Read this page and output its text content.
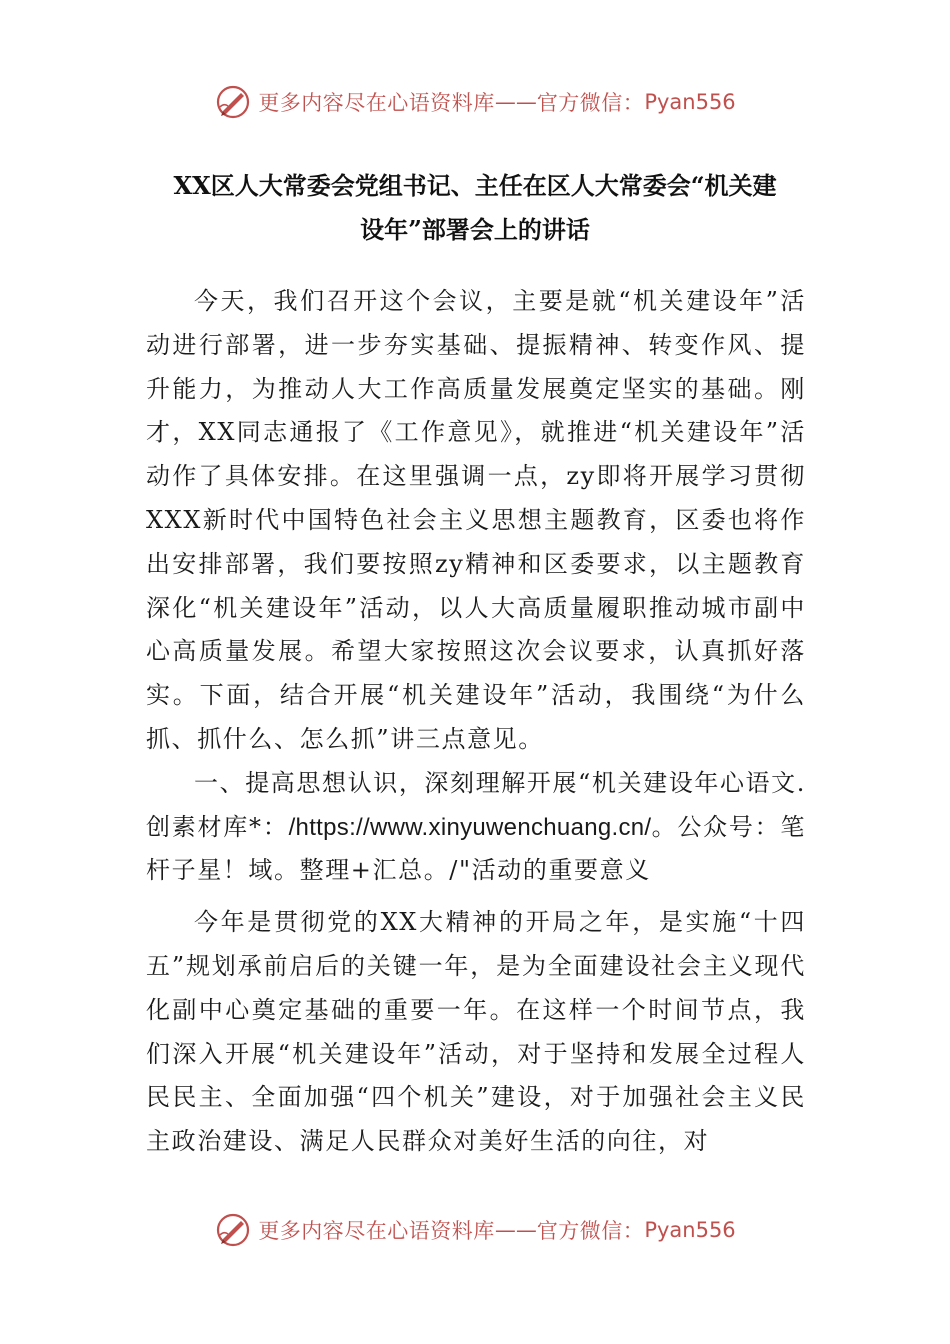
更多内容尽在心语资料库 —— 官方微信： Pyan556
XX区人大常委会党组书记、主任在区人大常委会“机关建
设年”部署会上的讲话

今天，我们召开这个会议，主要是就“机关建设年”活动进行部署，进一步夯实基础、提振精神、转变作风、提升能力，为推动人大工作高质量发展奠定坚实的基础。刚才，XX同志通报了《工作意见》，就推进“机关建设年”活动作了具体安排。在这里强调一点，zy即将开展学习贯彻XXX新时代中国特色社会主义思想主题教育，区委也将作出安排部署，我们要按照zy精神和区委要求，以主题教育深化“机关建设年”活动，以人大高质量履职推动城市副中心高质量发展。希望大家按照这次会议要求，认真抓好落实。下面，结合开展“机关建设年”活动，我围绕“为什么抓、抓什么、怎么抓”讲三点意见。

一、提高思想认识，深刻理解开展“机关建设年心语文.创素材库*：/https://www.xinyuwenchuang.cn/。公众号：笔杆子星！域。整理+汇总。/"活动的重要意义

今年是贯彻党的XX大精神的开局之年，是实施“十四五”规划承前启后的关键一年，是为全面建设社会主义现代化副中心奠定基础的重要一年。在这样一个时间节点，我们深入开展“机关建设年”活动，对于坚持和发展全过程人民民主、全面加强“四个机关”建设，对于加强社会主义民主政治建设、满足人民群众对美好生活的向往，对

更多内容尽在心语资料库 —— 官方微信： Pyan556
